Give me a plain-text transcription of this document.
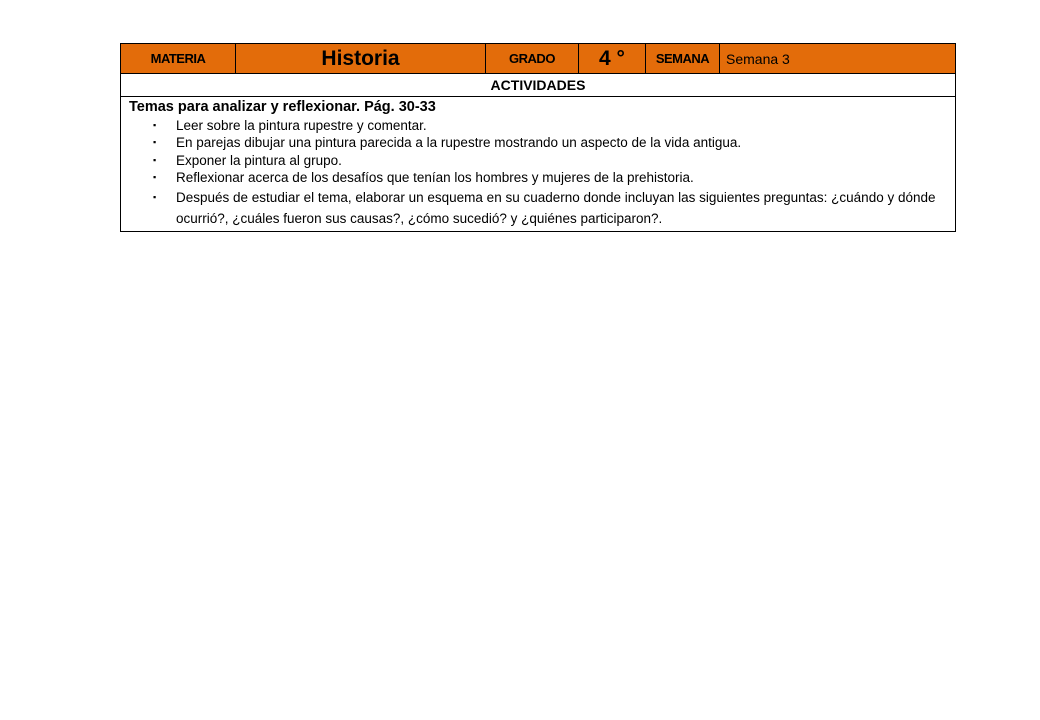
MATERIA	Historia	GRADO	4 °	SEMANA	Semana 3
ACTIVIDADES
Temas para analizar y reflexionar. Pág. 30-33
▪ Leer sobre la pintura rupestre y comentar.
▪ En parejas dibujar una pintura parecida a la rupestre mostrando un aspecto de la vida antigua.
▪ Exponer la pintura al grupo.
▪ Reflexionar acerca de los desafíos que tenían los hombres y mujeres de la prehistoria.
▪ Después de estudiar el tema, elaborar un esquema en su cuaderno donde incluyan las siguientes preguntas: ¿cuándo y dónde ocurrió?, ¿cuáles fueron sus causas?, ¿cómo sucedió? y ¿quiénes participaron?.
